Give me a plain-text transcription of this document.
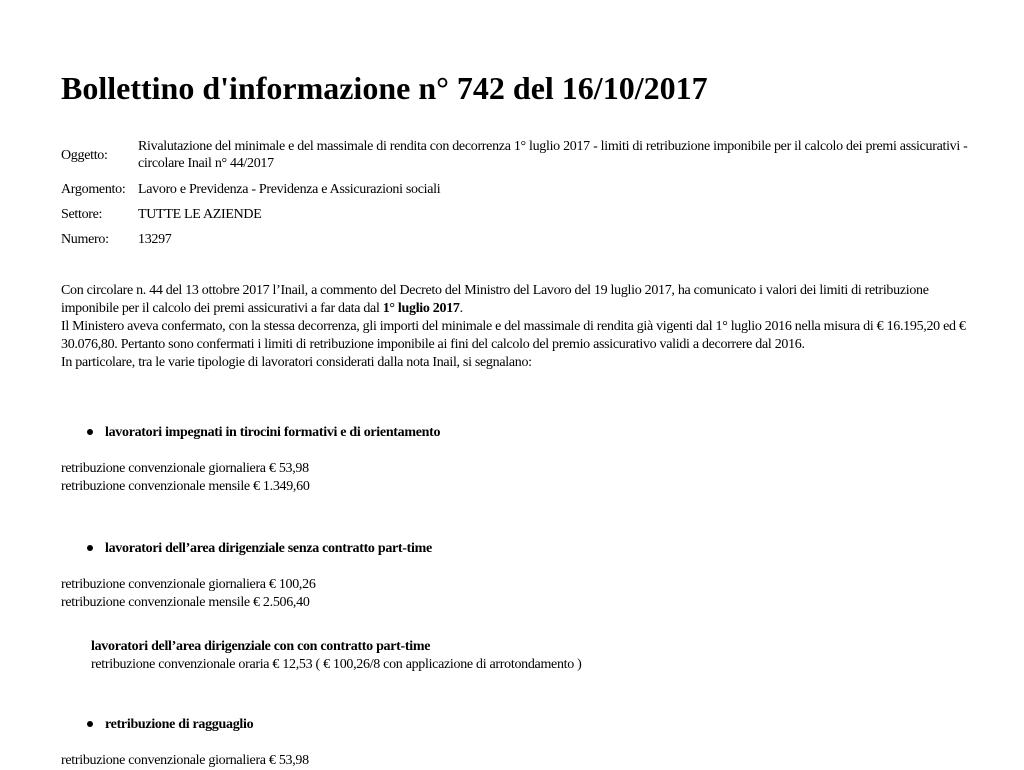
Bollettino d'informazione n° 742 del 16/10/2017
Oggetto:	Rivalutazione del minimale e del massimale di rendita con decorrenza 1° luglio 2017 - limiti di retribuzione imponibile per il calcolo dei premi assicurativi - circolare Inail n° 44/2017
Argomento:	Lavoro e Previdenza - Previdenza e Assicurazioni sociali
Settore:	TUTTE LE AZIENDE
Numero:	13297

Con circolare n. 44 del 13 ottobre 2017 l’Inail, a commento del Decreto del Ministro del Lavoro del 19 luglio 2017, ha comunicato i valori dei limiti di retribuzione imponibile per il calcolo dei premi assicurativi a far data dal 1° luglio 2017.

Il Ministero aveva confermato, con la stessa decorrenza, gli importi del minimale e del massimale di rendita già vigenti dal 1° luglio 2016 nella misura di € 16.195,20 ed € 30.076,80. Pertanto sono confermati i limiti di retribuzione imponibile ai fini del calcolo del premio assicurativo validi a decorrere dal 2016.

In particolare, tra le varie tipologie di lavoratori considerati dalla nota Inail, si segnalano:

lavoratori impegnati in tirocini formativi e di orientamento
retribuzione convenzionale giornaliera € 53,98
retribuzione convenzionale mensile € 1.349,60
lavoratori dell’area dirigenziale senza contratto part-time
retribuzione convenzionale giornaliera € 100,26
retribuzione convenzionale mensile € 2.506,40
lavoratori dell’area dirigenziale con con contratto part-time
retribuzione convenzionale oraria € 12,53 ( € 100,26/8 con applicazione di arrotondamento )
retribuzione di ragguaglio
retribuzione convenzionale giornaliera € 53,98
